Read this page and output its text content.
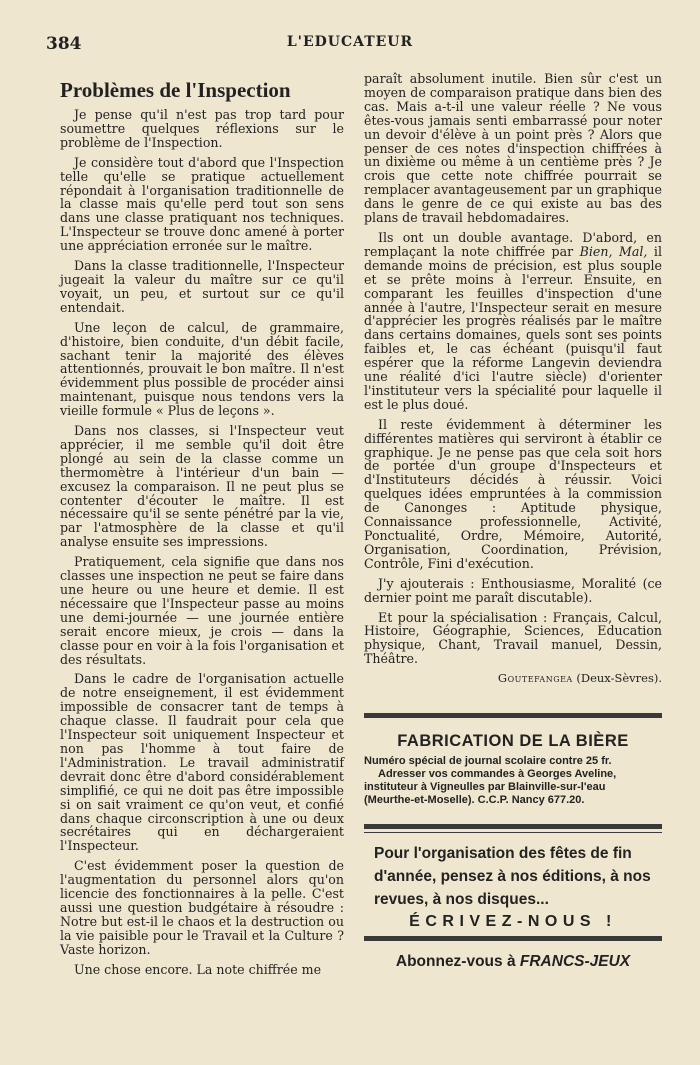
384	L'EDUCATEUR
Problèmes de l'Inspection

Je pense qu'il n'est pas trop tard pour soumettre quelques réflexions sur le problème de l'Inspection.

Je considère tout d'abord que l'Inspection telle qu'elle se pratique actuellement répondait à l'organisation traditionnelle de la classe mais qu'elle perd tout son sens dans une classe pratiquant nos techniques. L'Inspecteur se trouve donc amené à porter une appréciation erronée sur le maître.

Dans la classe traditionnelle, l'Inspecteur jugeait la valeur du maître sur ce qu'il voyait, un peu, et surtout sur ce qu'il entendait.

Une leçon de calcul, de grammaire, d'histoire, bien conduite, d'un débit facile, sachant tenir la majorité des élèves attentionnés, prouvait le bon maître. Il n'est évidemment plus possible de procéder ainsi maintenant, puisque nous tendons vers la vieille formule « Plus de leçons ».

Dans nos classes, si l'Inspecteur veut apprécier, il me semble qu'il doit être plongé au sein de la classe comme un thermomètre à l'intérieur d'un bain — excusez la comparaison. Il ne peut plus se contenter d'écouter le maître. Il est nécessaire qu'il se sente pénétré par la vie, par l'atmosphère de la classe et qu'il analyse ensuite ses impressions.

Pratiquement, cela signifie que dans nos classes une inspection ne peut se faire dans une heure ou une heure et demie. Il est nécessaire que l'Inspecteur passe au moins une demi-journée — une journée entière serait encore mieux, je crois — dans la classe pour en voir à la fois l'organisation et des résultats.

Dans le cadre de l'organisation actuelle de notre enseignement, il est évidemment impossible de consacrer tant de temps à chaque classe. Il faudrait pour cela que l'Inspecteur soit uniquement Inspecteur et non pas l'homme à tout faire de l'Administration. Le travail administratif devrait donc être d'abord considérablement simplifié, ce qui ne doit pas être impossible si on sait vraiment ce qu'on veut, et confié dans chaque circonscription à une ou deux secrétaires qui en déchargeraient l'Inspecteur.

C'est évidemment poser la question de l'augmentation du personnel alors qu'on licencie des fonctionnaires à la pelle. C'est aussi une question budgétaire à résoudre : Notre but est-il le chaos et la destruction ou la vie paisible pour le Travail et la Culture ? Vaste horizon.

Une chose encore. La note chiffrée me

paraît absolument inutile. Bien sûr c'est un moyen de comparaison pratique dans bien des cas. Mais a-t-il une valeur réelle ? Ne vous êtes-vous jamais senti embarrassé pour noter un devoir d'élève à un point près ? Alors que penser de ces notes d'inspection chiffrées à un dixième ou même à un centième près ? Je crois que cette note chiffrée pourrait se remplacer avantageusement par un graphique dans le genre de ce qui existe au bas des plans de travail hebdomadaires.

Ils ont un double avantage. D'abord, en remplaçant la note chiffrée par Bien, Mal, il demande moins de précision, est plus souple et se prête moins à l'erreur. Ensuite, en comparant les feuilles d'inspection d'une année à l'autre, l'Inspecteur serait en mesure d'apprécier les progrès réalisés par le maître dans certains domaines, quels sont ses points faibles et, le cas échéant (puisqu'il faut espérer que la réforme Langevin deviendra une réalité d'ici l'autre siècle) d'orienter l'instituteur vers la spécialité pour laquelle il est le plus doué.

Il reste évidemment à déterminer les différentes matières qui serviront à établir ce graphique. Je ne pense pas que cela soit hors de portée d'un groupe d'Inspecteurs et d'Instituteurs décidés à réussir. Voici quelques idées empruntées à la commission de Canonges : Aptitude physique, Connaissance professionnelle, Activité, Ponctualité, Ordre, Mémoire, Autorité, Organisation, Coordination, Prévision, Contrôle, Fini d'exécution.

J'y ajouterais : Enthousiasme, Moralité (ce dernier point me paraît discutable).

Et pour la spécialisation : Français, Calcul, Histoire, Géographie, Sciences, Education physique, Chant, Travail manuel, Dessin, Théâtre.

Goutefangea (Deux-Sèvres).
FABRICATION DE LA BIÈRE
Numéro spécial de journal scolaire contre 25 fr.
Adresser vos commandes à Georges Aveline,
instituteur à Vigneulles par Blainville-sur-l'eau
(Meurthe-et-Moselle). C.C.P. Nancy 677.20.
Pour l'organisation des fêtes de fin d'année, pensez à nos éditions, à nos revues, à nos disques...
ÉCRIVEZ-NOUS !
Abonnez-vous à FRANCS-JEUX
